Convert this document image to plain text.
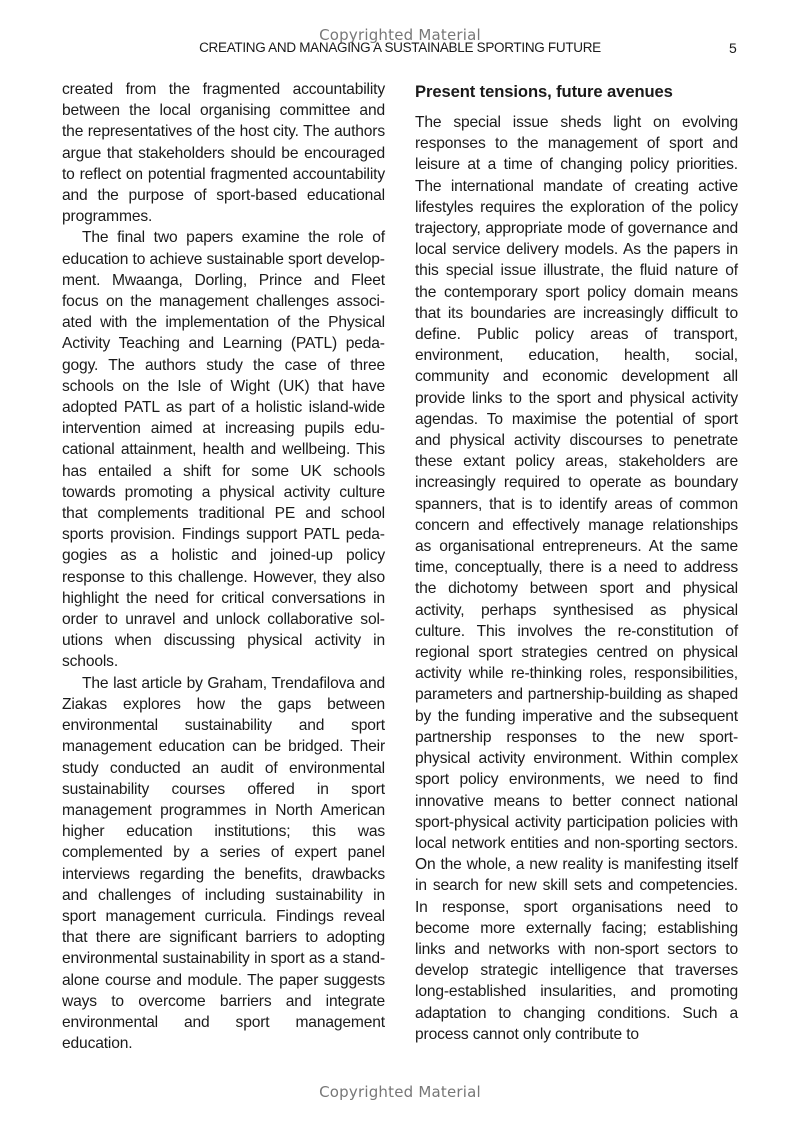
Copyrighted Material
CREATING AND MANAGING A SUSTAINABLE SPORTING FUTURE	5

created from the fragmented accountability between the local organising committee and the representatives of the host city. The authors argue that stakeholders should be encouraged to reflect on potential fragmented accountability and the purpose of sport-based educational programmes.

The final two papers examine the role of education to achieve sustainable sport development. Mwaanga, Dorling, Prince and Fleet focus on the management challenges associated with the implementation of the Physical Activity Teaching and Learning (PATL) pedagogy. The authors study the case of three schools on the Isle of Wight (UK) that have adopted PATL as part of a holistic island-wide intervention aimed at increasing pupils educational attainment, health and wellbeing. This has entailed a shift for some UK schools towards promoting a physical activity culture that complements traditional PE and school sports provision. Findings support PATL pedagogies as a holistic and joined-up policy response to this challenge. However, they also highlight the need for critical conversations in order to unravel and unlock collaborative solutions when discussing physical activity in schools.

The last article by Graham, Trendafilova and Ziakas explores how the gaps between environmental sustainability and sport management education can be bridged. Their study conducted an audit of environmental sustainability courses offered in sport management programmes in North American higher education institutions; this was complemented by a series of expert panel interviews regarding the benefits, drawbacks and challenges of including sustainability in sport management curricula. Findings reveal that there are significant barriers to adopting environmental sustainability in sport as a stand-alone course and module. The paper suggests ways to overcome barriers and integrate environmental and sport management education.

Present tensions, future avenues

The special issue sheds light on evolving responses to the management of sport and leisure at a time of changing policy priorities. The international mandate of creating active lifestyles requires the exploration of the policy trajectory, appropriate mode of governance and local service delivery models. As the papers in this special issue illustrate, the fluid nature of the contemporary sport policy domain means that its boundaries are increasingly difficult to define. Public policy areas of transport, environment, education, health, social, community and economic development all provide links to the sport and physical activity agendas. To maximise the potential of sport and physical activity discourses to penetrate these extant policy areas, stakeholders are increasingly required to operate as boundary spanners, that is to identify areas of common concern and effectively manage relationships as organisational entrepreneurs. At the same time, conceptually, there is a need to address the dichotomy between sport and physical activity, perhaps synthesised as physical culture. This involves the re-constitution of regional sport strategies centred on physical activity while re-thinking roles, responsibilities, parameters and partnership-building as shaped by the funding imperative and the subsequent partnership responses to the new sport-physical activity environment. Within complex sport policy environments, we need to find innovative means to better connect national sport-physical activity participation policies with local network entities and non-sporting sectors. On the whole, a new reality is manifesting itself in search for new skill sets and competencies. In response, sport organisations need to become more externally facing; establishing links and networks with non-sport sectors to develop strategic intelligence that traverses long-established insularities, and promoting adaptation to changing conditions. Such a process cannot only contribute to

Copyrighted Material
